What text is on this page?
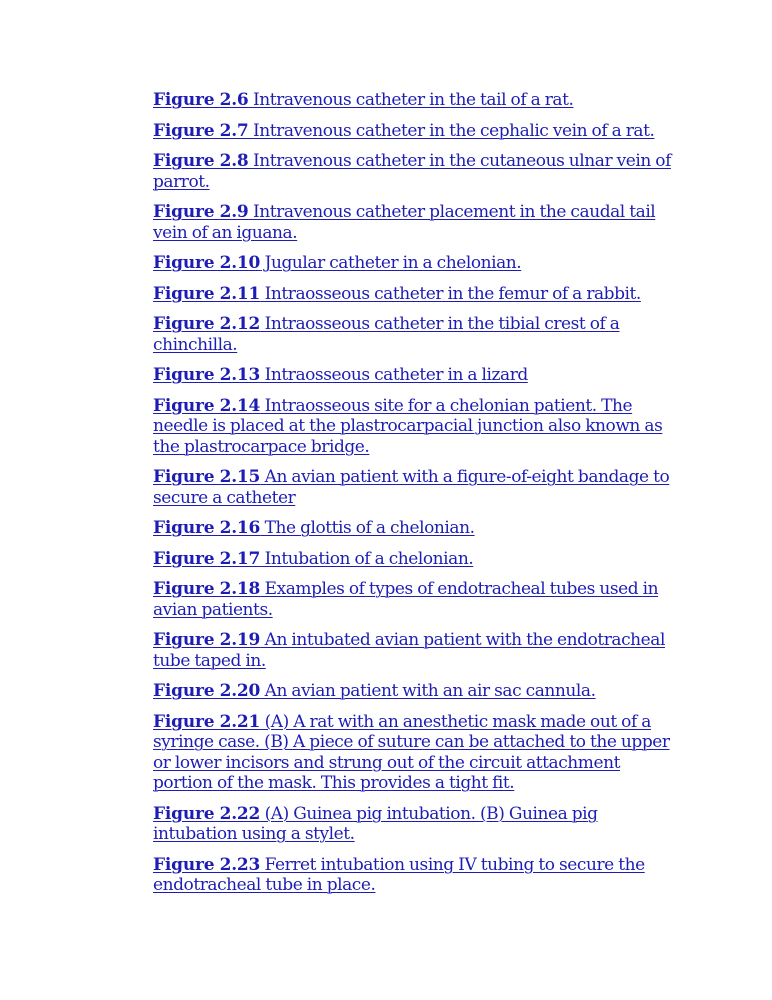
Figure 2.6 Intravenous catheter in the tail of a rat.
Figure 2.7 Intravenous catheter in the cephalic vein of a rat.
Figure 2.8 Intravenous catheter in the cutaneous ulnar vein of parrot.
Figure 2.9 Intravenous catheter placement in the caudal tail vein of an iguana.
Figure 2.10 Jugular catheter in a chelonian.
Figure 2.11 Intraosseous catheter in the femur of a rabbit.
Figure 2.12 Intraosseous catheter in the tibial crest of a chinchilla.
Figure 2.13 Intraosseous catheter in a lizard
Figure 2.14 Intraosseous site for a chelonian patient. The needle is placed at the plastrocarpacial junction also known as the plastrocarpace bridge.
Figure 2.15 An avian patient with a figure-of-eight bandage to secure a catheter
Figure 2.16 The glottis of a chelonian.
Figure 2.17 Intubation of a chelonian.
Figure 2.18 Examples of types of endotracheal tubes used in avian patients.
Figure 2.19 An intubated avian patient with the endotracheal tube taped in.
Figure 2.20 An avian patient with an air sac cannula.
Figure 2.21 (A) A rat with an anesthetic mask made out of a syringe case. (B) A piece of suture can be attached to the upper or lower incisors and strung out of the circuit attachment portion of the mask. This provides a tight fit.
Figure 2.22 (A) Guinea pig intubation. (B) Guinea pig intubation using a stylet.
Figure 2.23 Ferret intubation using IV tubing to secure the endotracheal tube in place.
